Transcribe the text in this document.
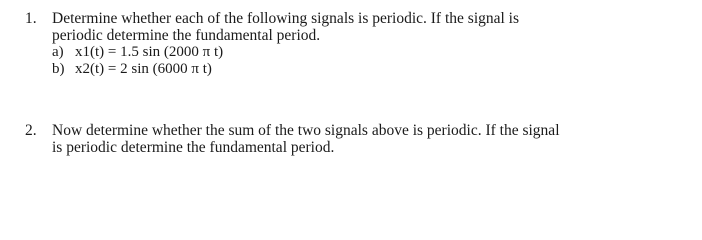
1. Determine whether each of the following signals is periodic. If the signal is
periodic determine the fundamental period.
a) x1(t) = 1.5 sin (2000 π t)
b) x2(t) = 2 sin (6000 π t)
2. Now determine whether the sum of the two signals above is periodic. If the signal
is periodic determine the fundamental period.
